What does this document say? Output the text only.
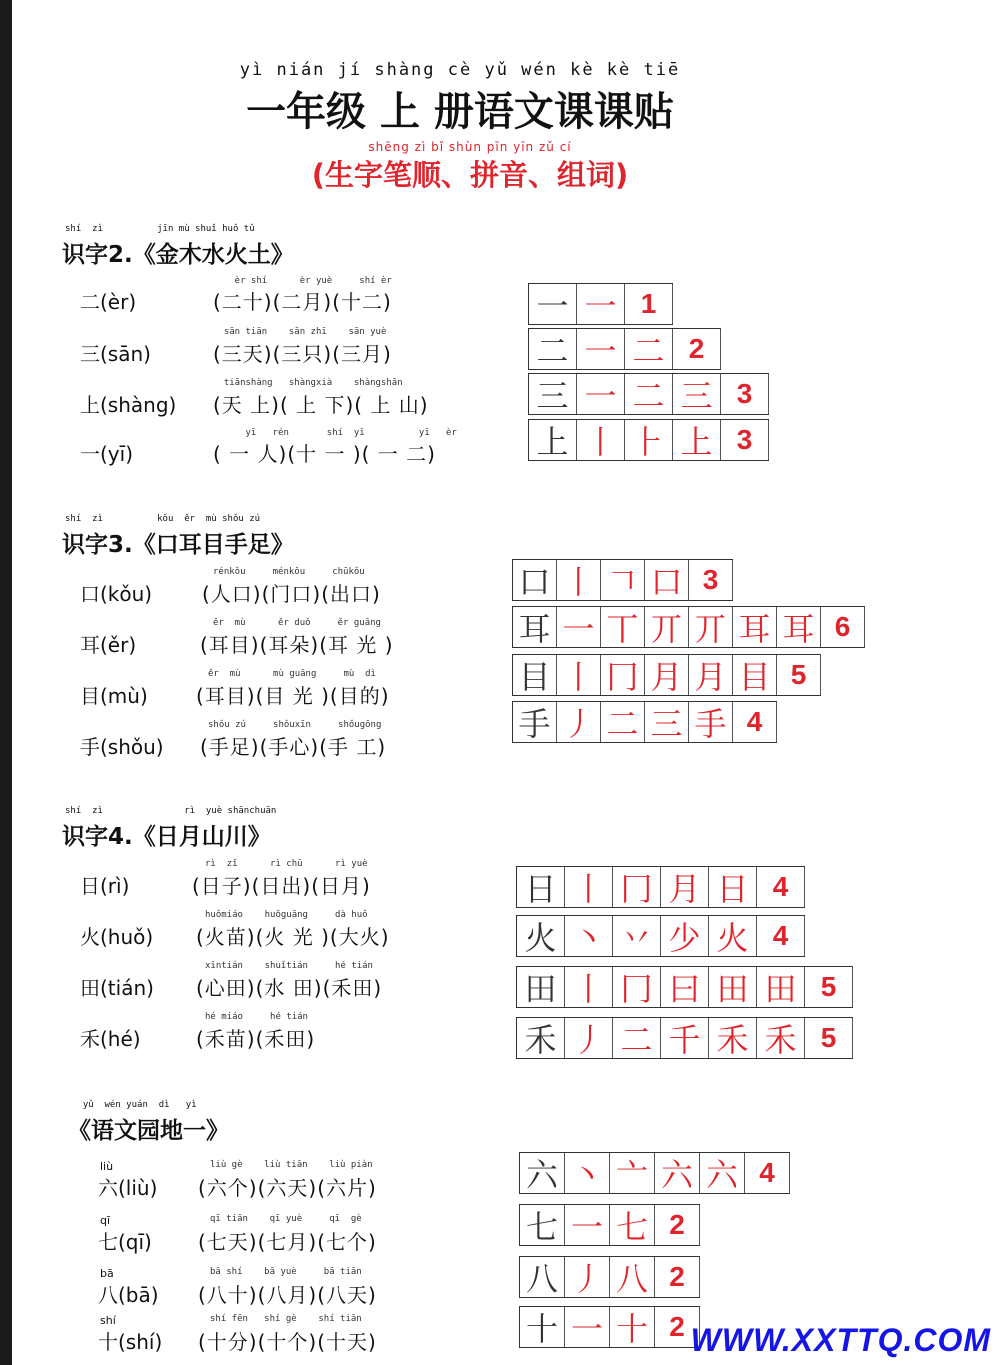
yì nián jí shàng cè yǔ wén kè kè tiē
一年级 上 册语文课课贴
shēng zì bǐ shùn pīn yīn zǔ cí
(生字笔顺、拼音、组词)
shí  zì          jīn mù shuǐ huǒ tǔ
识字2.《金木水火土》
二(èr)
èr shí      èr yuè     shí èr
(二十)(二月)(十二)
三(sān)
sān tiān    sān zhī    sān yuè
(三天)(三只)(三月)
上(shàng)
tiānshàng   shàngxià    shàngshān
(天 上)( 上 下)( 上 山)
一(yī)
yī   rén       shí  yī          yī   èr
( 一 人)(十 一 )( 一 二)
一 一 1
二 一 二 2
三 一 二 三 3
上 丨 ⺊ 上 3
shí  zì          kǒu  ěr  mù shǒu zú
识字3.《口耳目手足》
口(kǒu)
rénkǒu     ménkǒu     chūkǒu
(人口)(门口)(出口)
耳(ěr)
ěr  mù      ěr duǒ     ěr guāng
(耳目)(耳朵)(耳 光 )
目(mù)
ěr  mù      mù guāng     mù  dì
(耳目)(目 光 )(目的)
手(shǒu)
shǒu zú     shǒuxīn     shǒugōng
(手足)(手心)(手 工)
口 丨 𠃍 口 3
耳 一 丅 丌 丌 耳 耳 6
目 丨 冂 月 月 目 5
手 丿 二 三 手 4
shí  zì               rì  yuè shānchuān
识字4.《日月山川》
日(rì)
rì  zǐ      rì chū      rì yuè
(日子)(日出)(日月)
火(huǒ)
huǒmiáo    huǒguāng     dà huǒ
(火苗)(火 光 )(大火)
田(tián)
xīntián    shuǐtián     hé tián
(心田)(水 田)(禾田)
禾(hé)
hé miáo     hé tián
(禾苗)(禾田)
日 丨 冂 月 日 4
火 丶 丷 少 火 4
田 丨 冂 曰 田 田 5
禾 丿 二 千 禾 禾 5
yǔ  wén yuán  dì   yì
《语文园地一》
liù
六(liù)
liù gè    liù tiān    liù piàn
(六个)(六天)(六片)
qī
七(qī)
qī tiān    qī yuè     qī  gè
(七天)(七月)(七个)
bā
八(bā)
bā shí    bā yuè     bā tiān
(八十)(八月)(八天)
shí
十(shí)
shí fēn   shí gè    shí tiān
(十分)(十个)(十天)
六 丶 亠 六 六 4
七 一 七 2
八 丿 八 2
十 一 十 2 WWW.XXTTQ.COM
